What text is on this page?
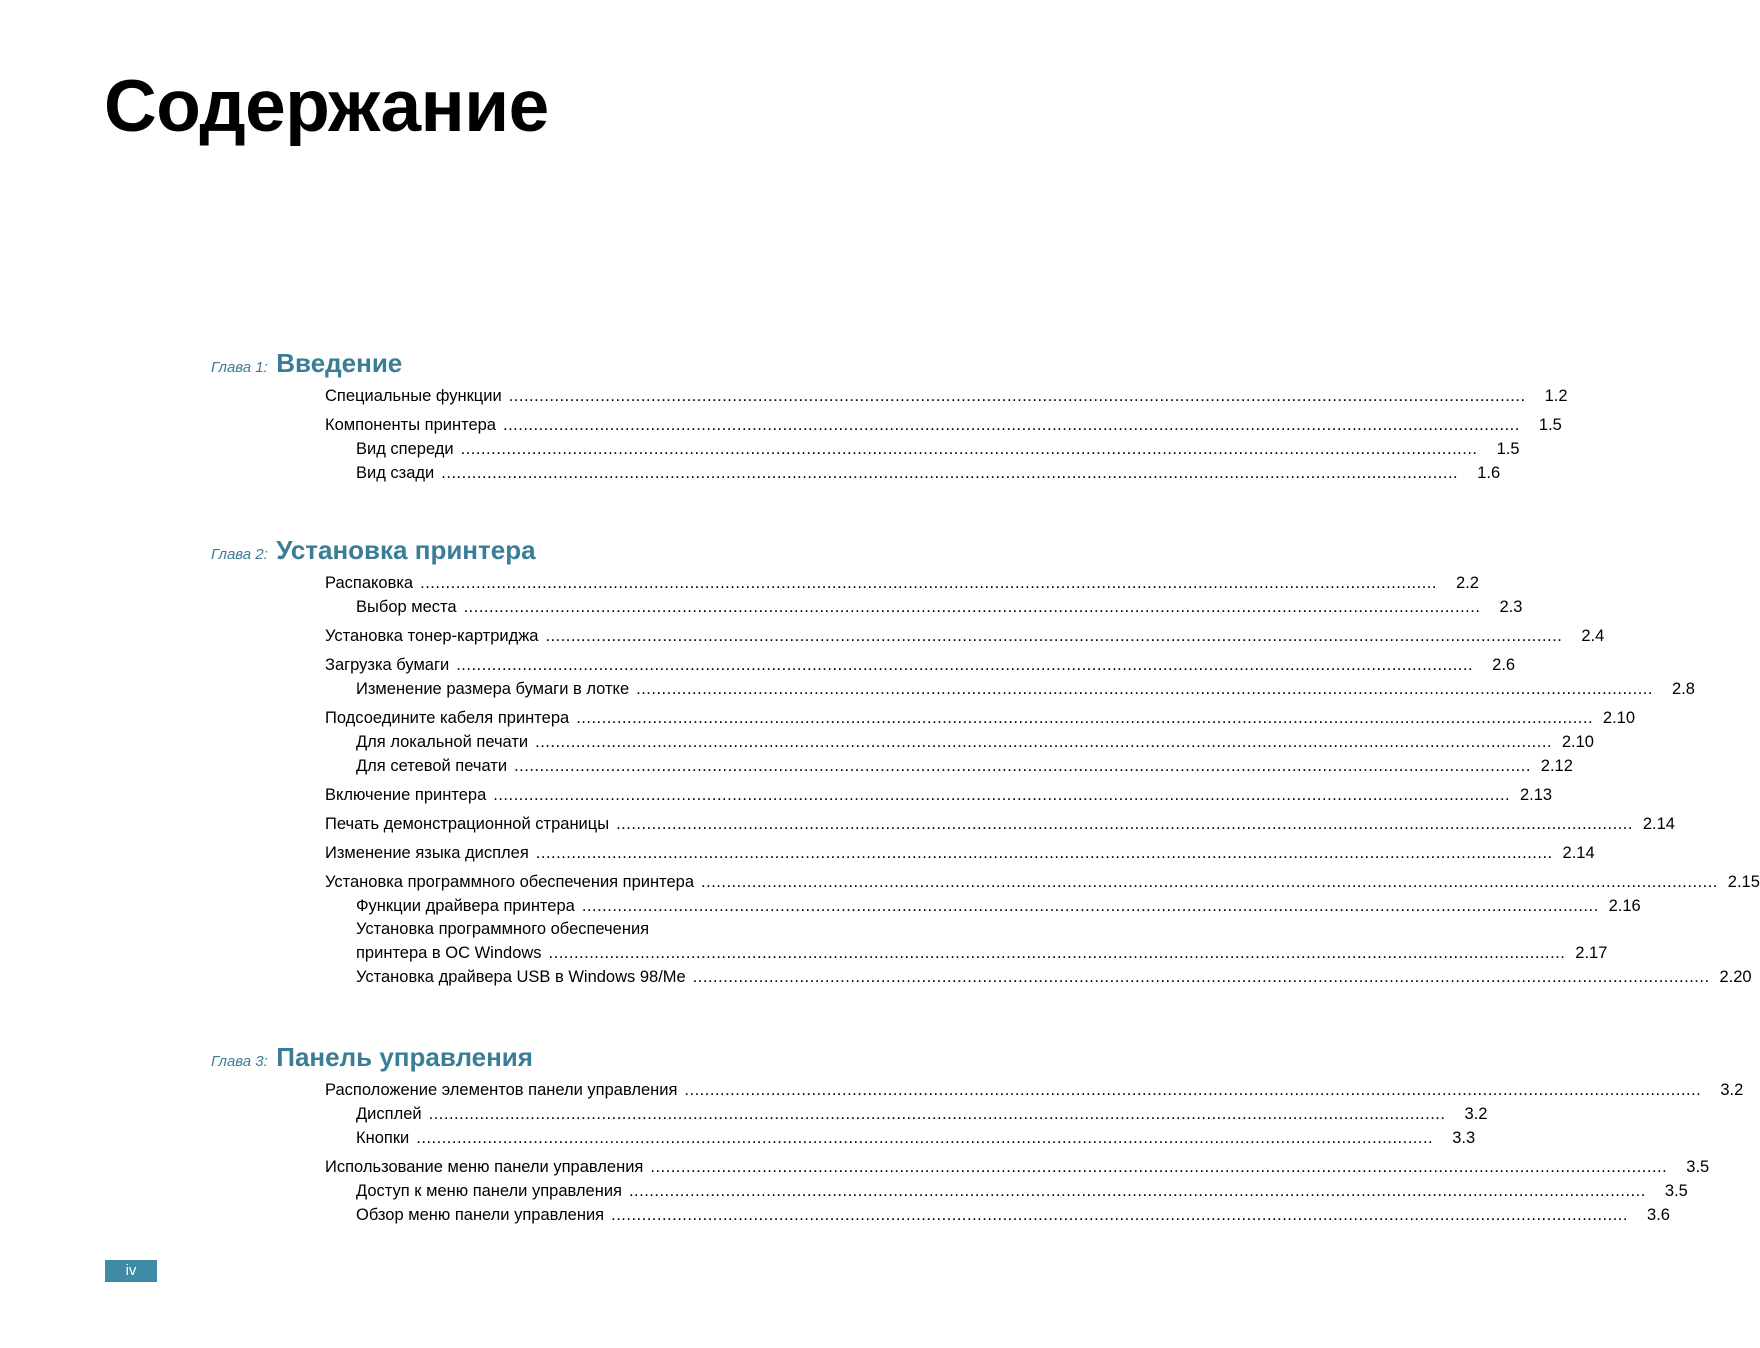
Содержание
Глава 1: Введение
Специальные функции ........................................................................................................................................................................................................	1.2
Компоненты принтера ........................................................................................................................................................................................................	1.5
Вид спереди ........................................................................................................................................................................................................	1.5
Вид сзади ........................................................................................................................................................................................................	1.6
Глава 2: Установка принтера
Распаковка ........................................................................................................................................................................................................	2.2
Выбор места ........................................................................................................................................................................................................	2.3
Установка тонер-картриджа ........................................................................................................................................................................................................	2.4
Загрузка бумаги ........................................................................................................................................................................................................	2.6
Изменение размера бумаги в лотке ........................................................................................................................................................................................................	2.8
Подсоедините кабеля принтера ........................................................................................................................................................................................................ 2.10
Для локальной печати ........................................................................................................................................................................................................ 2.10
Для сетевой печати ........................................................................................................................................................................................................ 2.12
Включение принтера ........................................................................................................................................................................................................ 2.13
Печать демонстрационной страницы ........................................................................................................................................................................................................ 2.14
Изменение языка дисплея ........................................................................................................................................................................................................ 2.14
Установка программного обеспечения принтера ........................................................................................................................................................................................................ 2.15
Функции драйвера принтера ........................................................................................................................................................................................................ 2.16
Установка программного обеспечения
принтера в ОС Windows ........................................................................................................................................................................................................ 2.17
Установка драйвера USB в Windows 98/Me ........................................................................................................................................................................................................ 2.20
Глава 3: Панель управления
Расположение элементов панели управления ........................................................................................................................................................................................................	3.2
Дисплей ........................................................................................................................................................................................................	3.2
Кнопки ........................................................................................................................................................................................................	3.3
Использование меню панели управления ........................................................................................................................................................................................................	3.5
Доступ к меню панели управления ........................................................................................................................................................................................................	3.5
Обзор меню панели управления ........................................................................................................................................................................................................	3.6
iv
